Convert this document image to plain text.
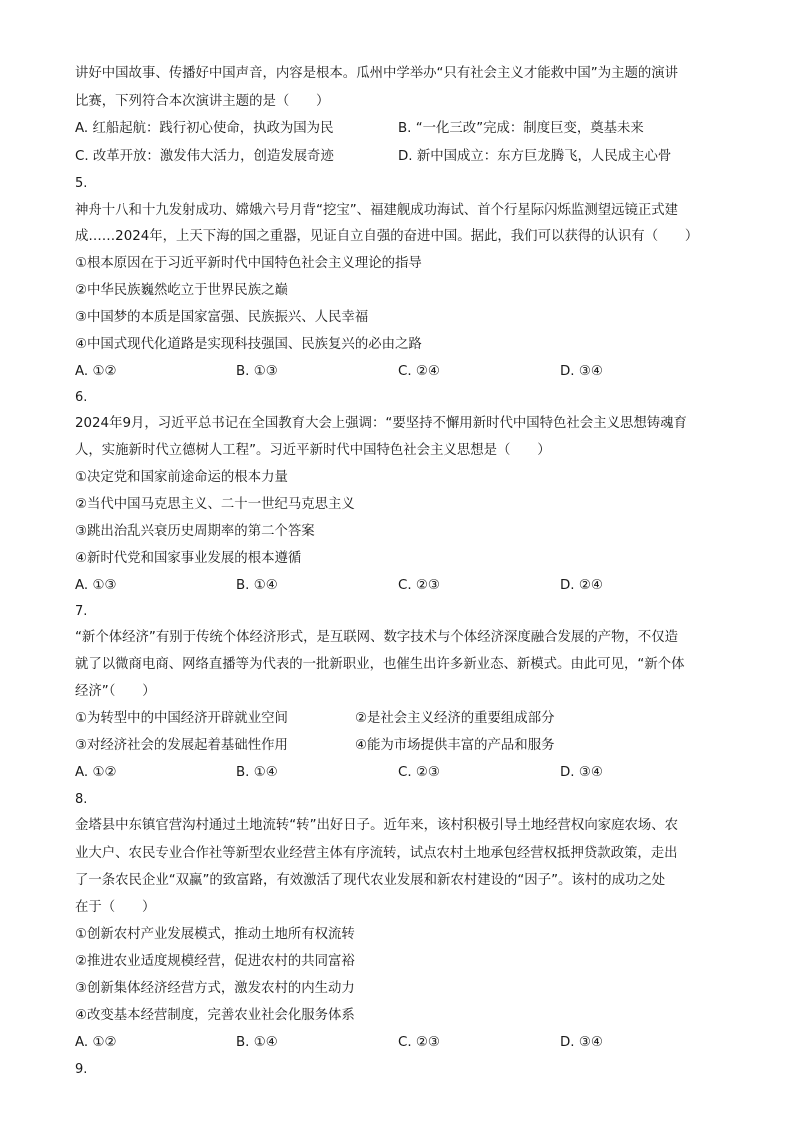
讲好中国故事、传播好中国声音，内容是根本。瓜州中学举办“只有社会主义才能救中国”为主题的演讲
比赛，下列符合本次演讲主题的是（　　）
A. 红船起航：践行初心使命，执政为国为民	B. “一化三改”完成：制度巨变，奠基未来
C. 改革开放：激发伟大活力，创造发展奇迹	D. 新中国成立：东方巨龙腾飞，人民成主心骨
5.
神舟十八和十九发射成功、嫦娥六号月背“挖宝”、福建舰成功海试、首个行星际闪烁监测望远镜正式建
成……2024年，上天下海的国之重器，见证自立自强的奋进中国。据此，我们可以获得的认识有（　　）
①根本原因在于习近平新时代中国特色社会主义理论的指导
②中华民族巍然屹立于世界民族之巅
③中国梦的本质是国家富强、民族振兴、人民幸福
④中国式现代化道路是实现科技强国、民族复兴的必由之路
A. ①②	B. ①③	C. ②④	D. ③④
6.
2024年9月，习近平总书记在全国教育大会上强调：“要坚持不懈用新时代中国特色社会主义思想铸魂育
人，实施新时代立德树人工程”。习近平新时代中国特色社会主义思想是（　　）
①决定党和国家前途命运的根本力量
②当代中国马克思主义、二十一世纪马克思主义
③跳出治乱兴衰历史周期率的第二个答案
④新时代党和国家事业发展的根本遵循
A. ①③	B. ①④	C. ②③	D. ②④
7.
“新个体经济”有别于传统个体经济形式，是互联网、数字技术与个体经济深度融合发展的产物，不仅造
就了以微商电商、网络直播等为代表的一批新职业，也催生出许多新业态、新模式。由此可见，“新个体
经济”（　　）
①为转型中的中国经济开辟就业空间	②是社会主义经济的重要组成部分
③对经济社会的发展起着基础性作用	④能为市场提供丰富的产品和服务
A. ①②	B. ①④	C. ②③	D. ③④
8.
金塔县中东镇官营沟村通过土地流转“转”出好日子。近年来，该村积极引导土地经营权向家庭农场、农
业大户、农民专业合作社等新型农业经营主体有序流转，试点农村土地承包经营权抵押贷款政策，走出
了一条农民企业“双赢”的致富路，有效激活了现代农业发展和新农村建设的“因子”。该村的成功之处
在于（　　）
①创新农村产业发展模式，推动土地所有权流转
②推进农业适度规模经营，促进农村的共同富裕
③创新集体经济经营方式，激发农村的内生动力
④改变基本经营制度，完善农业社会化服务体系
A. ①②	B. ①④	C. ②③	D. ③④
9.
